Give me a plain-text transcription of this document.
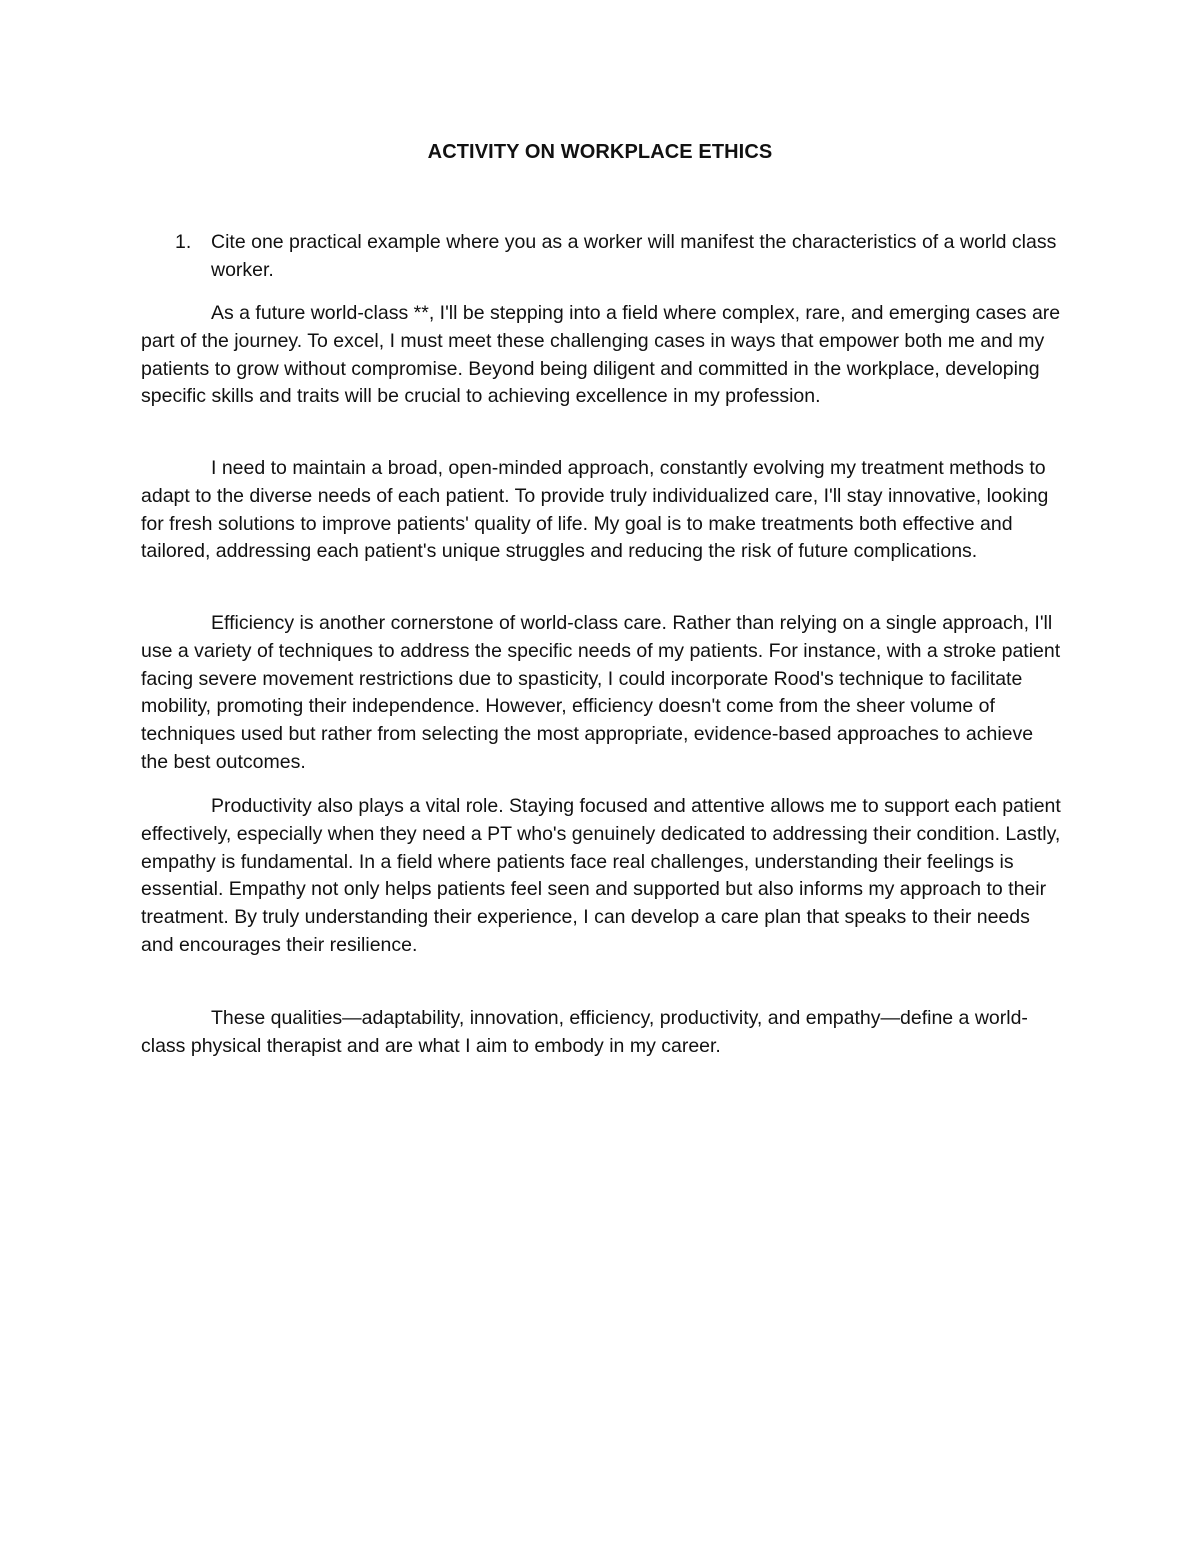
ACTIVITY ON WORKPLACE ETHICS
1.	Cite one practical example where you as a worker will manifest the characteristics of a world class worker.

As a future world-class **, I'll be stepping into a field where complex, rare, and emerging cases are part of the journey. To excel, I must meet these challenging cases in ways that empower both me and my patients to grow without compromise. Beyond being diligent and committed in the workplace, developing specific skills and traits will be crucial to achieving excellence in my profession.

I need to maintain a broad, open-minded approach, constantly evolving my treatment methods to adapt to the diverse needs of each patient. To provide truly individualized care, I'll stay innovative, looking for fresh solutions to improve patients' quality of life. My goal is to make treatments both effective and tailored, addressing each patient's unique struggles and reducing the risk of future complications.

Efficiency is another cornerstone of world-class care. Rather than relying on a single approach, I'll use a variety of techniques to address the specific needs of my patients. For instance, with a stroke patient facing severe movement restrictions due to spasticity, I could incorporate Rood's technique to facilitate mobility, promoting their independence. However, efficiency doesn't come from the sheer volume of techniques used but rather from selecting the most appropriate, evidence-based approaches to achieve the best outcomes.

Productivity also plays a vital role. Staying focused and attentive allows me to support each patient effectively, especially when they need a PT who's genuinely dedicated to addressing their condition. Lastly, empathy is fundamental. In a field where patients face real challenges, understanding their feelings is essential. Empathy not only helps patients feel seen and supported but also informs my approach to their treatment. By truly understanding their experience, I can develop a care plan that speaks to their needs and encourages their resilience.

These qualities—adaptability, innovation, efficiency, productivity, and empathy—define a world-class physical therapist and are what I aim to embody in my career.
